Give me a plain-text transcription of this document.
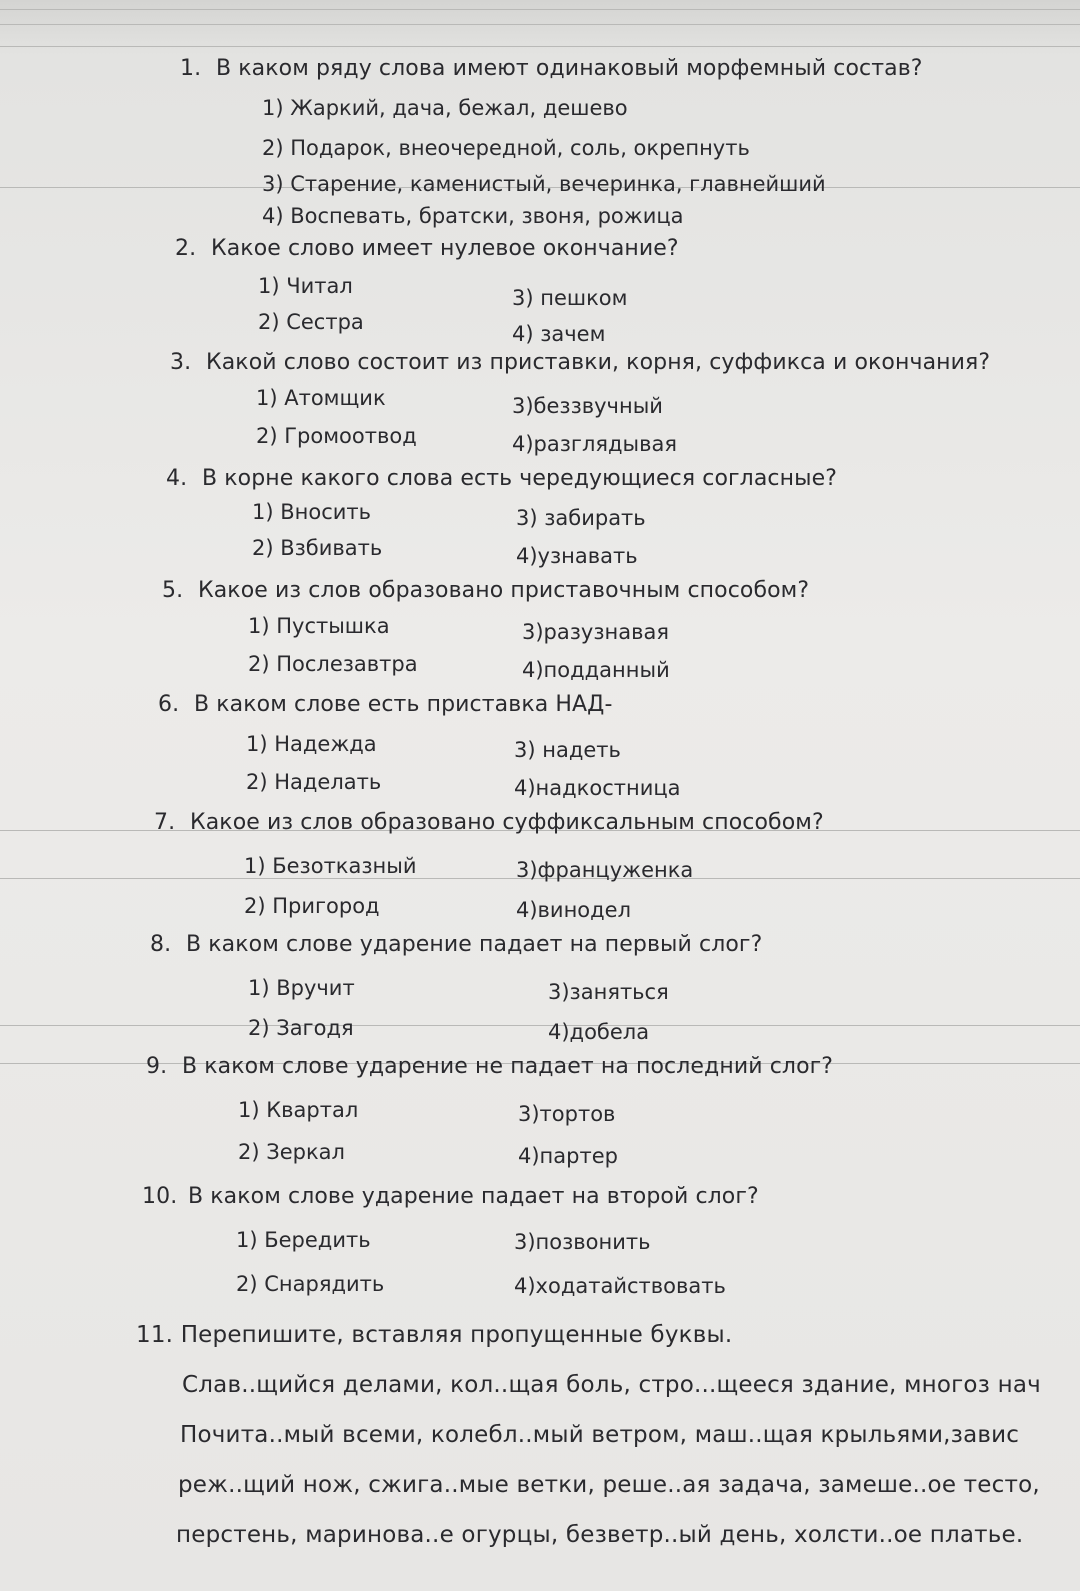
1. В каком ряду слова имеют одинаковый морфемный состав?
1) Жаркий, дача, бежал, дешево
2) Подарок, внеочередной, соль, окрепнуть
3) Старение, каменистый, вечеринка, главнейший
4) Воспевать, братски, звоня, рожица
2. Какое слово имеет нулевое окончание?
1) Читал
2) Сестра
3) пешком
4) зачем
3. Какой слово состоит из приставки, корня, суффикса и окончания?
1) Атомщик
2) Громоотвод
3)беззвучный
4)разглядывая
4. В корне какого слова есть чередующиеся согласные?
1) Вносить
2) Взбивать
3) забирать
4)узнавать
5. Какое из слов образовано приставочным способом?
1) Пустышка
2) Послезавтра
3)разузнавая
4)подданный
6. В каком слове есть приставка НАД-
1) Надежда
2) Наделать
3) надеть
4)надкостница
7. Какое из слов образовано суффиксальным способом?
1) Безотказный
2) Пригород
3)француженка
4)винодел
8. В каком слове ударение падает на первый слог?
1) Вручит
2) Загодя
3)заняться
4)добела
9. В каком слове ударение не падает на последний слог?
1) Квартал
2) Зеркал
3)тортов
4)партер
10. В каком слове ударение падает на второй слог?
1) Бередить
2) Снарядить
3)позвонить
4)ходатайствовать
11. Перепишите, вставляя пропущенные буквы.
Слав..щийся делами, кол..щая боль, стро...щееся здание, многоз нач
Почита..мый всеми, колебл..мый ветром, маш..щая крыльями,завис
реж..щий нож, сжига..мые ветки, реше..ая задача, замеше..ое тесто,
перстень, маринова..е огурцы, безветр..ый день, холсти..ое платье.
